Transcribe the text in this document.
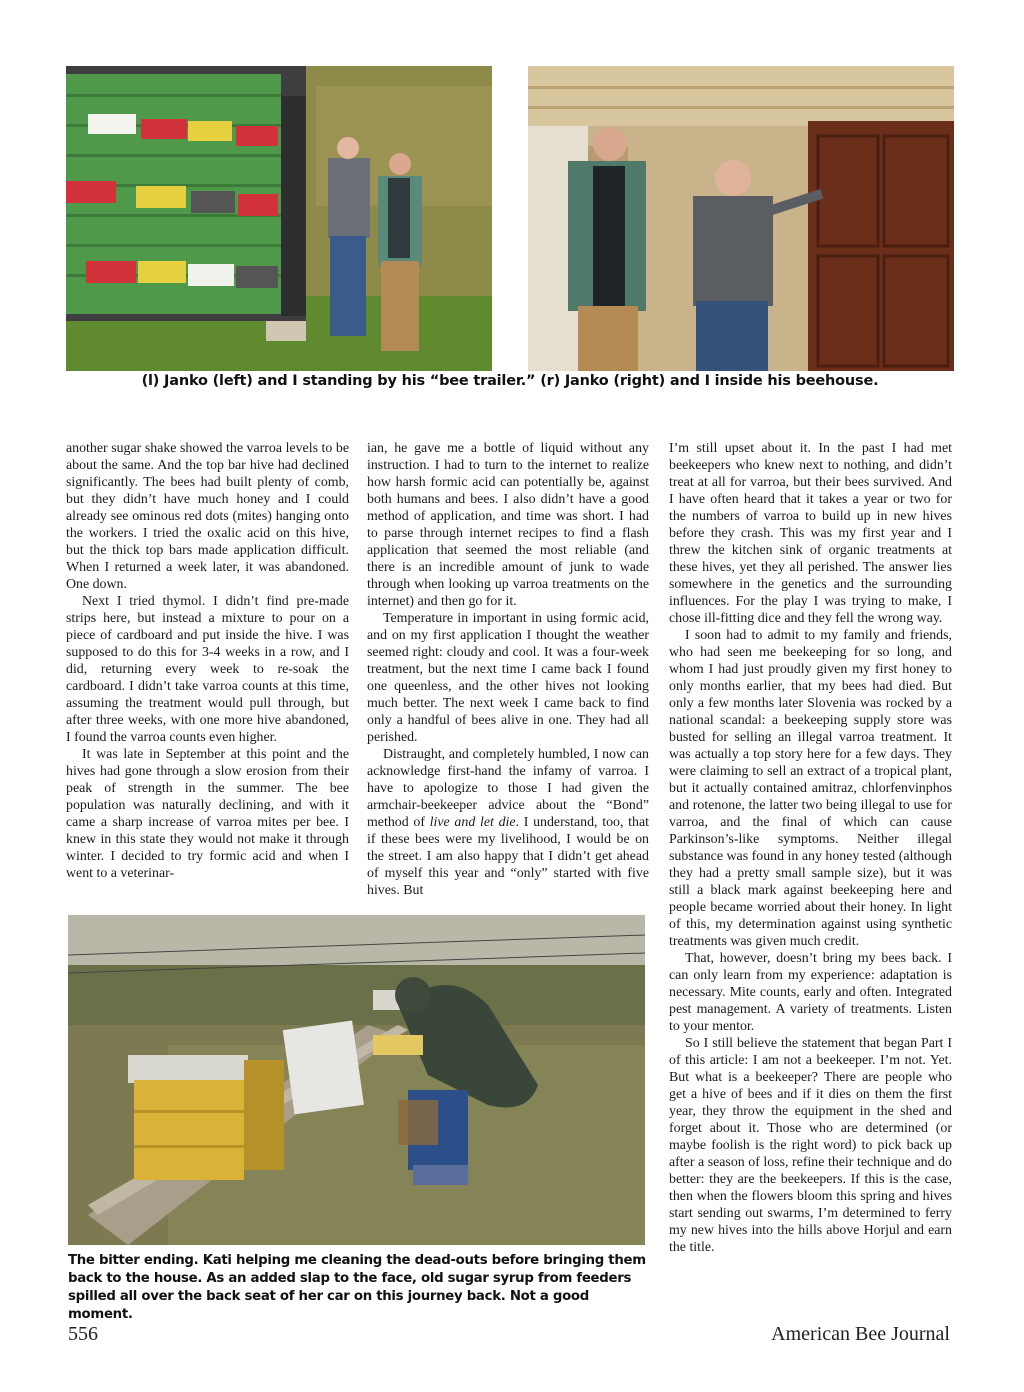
(l) Janko (left) and I standing by his “bee trailer.” (r) Janko (right) and I inside his beehouse.

another sugar shake showed the varroa levels to be about the same. And the top bar hive had declined significantly. The bees had built plenty of comb, but they didn’t have much honey and I could already see ominous red dots (mites) hanging onto the workers. I tried the oxalic acid on this hive, but the thick top bars made application difficult. When I returned a week later, it was abandoned. One down.

Next I tried thymol. I didn’t find pre-made strips here, but instead a mixture to pour on a piece of cardboard and put inside the hive. I was supposed to do this for 3-4 weeks in a row, and I did, returning every week to re-soak the cardboard. I didn’t take varroa counts at this time, assuming the treatment would pull through, but after three weeks, with one more hive abandoned, I found the varroa counts even higher.

It was late in September at this point and the hives had gone through a slow erosion from their peak of strength in the summer. The bee population was naturally declining, and with it came a sharp increase of varroa mites per bee. I knew in this state they would not make it through winter. I decided to try formic acid and when I went to a veterinar-

ian, he gave me a bottle of liquid without any instruction. I had to turn to the internet to realize how harsh formic acid can potentially be, against both humans and bees. I also didn’t have a good method of application, and time was short. I had to parse through internet recipes to find a flash application that seemed the most reliable (and there is an incredible amount of junk to wade through when looking up varroa treatments on the internet) and then go for it.

Temperature in important in using formic acid, and on my first application I thought the weather seemed right: cloudy and cool. It was a four-week treatment, but the next time I came back I found one queenless, and the other hives not looking much better. The next week I came back to find only a handful of bees alive in one. They had all perished.

Distraught, and completely humbled, I now can acknowledge first-hand the infamy of varroa. I have to apologize to those I had given the armchair-beekeeper advice about the “Bond” method of live and let die. I understand, too, that if these bees were my livelihood, I would be on the street. I am also happy that I didn’t get ahead of myself this year and “only” started with five hives. But

I’m still upset about it. In the past I had met beekeepers who knew next to nothing, and didn’t treat at all for varroa, but their bees survived. And I have often heard that it takes a year or two for the numbers of varroa to build up in new hives before they crash. This was my first year and I threw the kitchen sink of organic treatments at these hives, yet they all perished. The answer lies somewhere in the genetics and the surrounding influences. For the play I was trying to make, I chose ill-fitting dice and they fell the wrong way.

I soon had to admit to my family and friends, who had seen me beekeeping for so long, and whom I had just proudly given my first honey to only months earlier, that my bees had died. But only a few months later Slovenia was rocked by a national scandal: a beekeeping supply store was busted for selling an illegal varroa treatment. It was actually a top story here for a few days. They were claiming to sell an extract of a tropical plant, but it actually contained amitraz, chlorfenvinphos and rotenone, the latter two being illegal to use for varroa, and the final of which can cause Parkinson’s-like symptoms. Neither illegal substance was found in any honey tested (although they had a pretty small sample size), but it was still a black mark against beekeeping here and people became worried about their honey. In light of this, my determination against using synthetic treatments was given much credit.

That, however, doesn’t bring my bees back. I can only learn from my experience: adaptation is necessary. Mite counts, early and often. Integrated pest management. A variety of treatments. Listen to your mentor.

So I still believe the statement that began Part I of this article: I am not a beekeeper. I’m not. Yet. But what is a beekeeper? There are people who get a hive of bees and if it dies on them the first year, they throw the equipment in the shed and forget about it. Those who are determined (or maybe foolish is the right word) to pick back up after a season of loss, refine their technique and do better: they are the beekeepers. If this is the case, then when the flowers bloom this spring and hives start sending out swarms, I’m determined to ferry my new hives into the hills above Horjul and earn the title.

The bitter ending. Kati helping me cleaning the dead-outs before bringing them back to the house. As an added slap to the face, old sugar syrup from feeders spilled all over the back seat of her car on this journey back. Not a good moment.
556	American Bee Journal
